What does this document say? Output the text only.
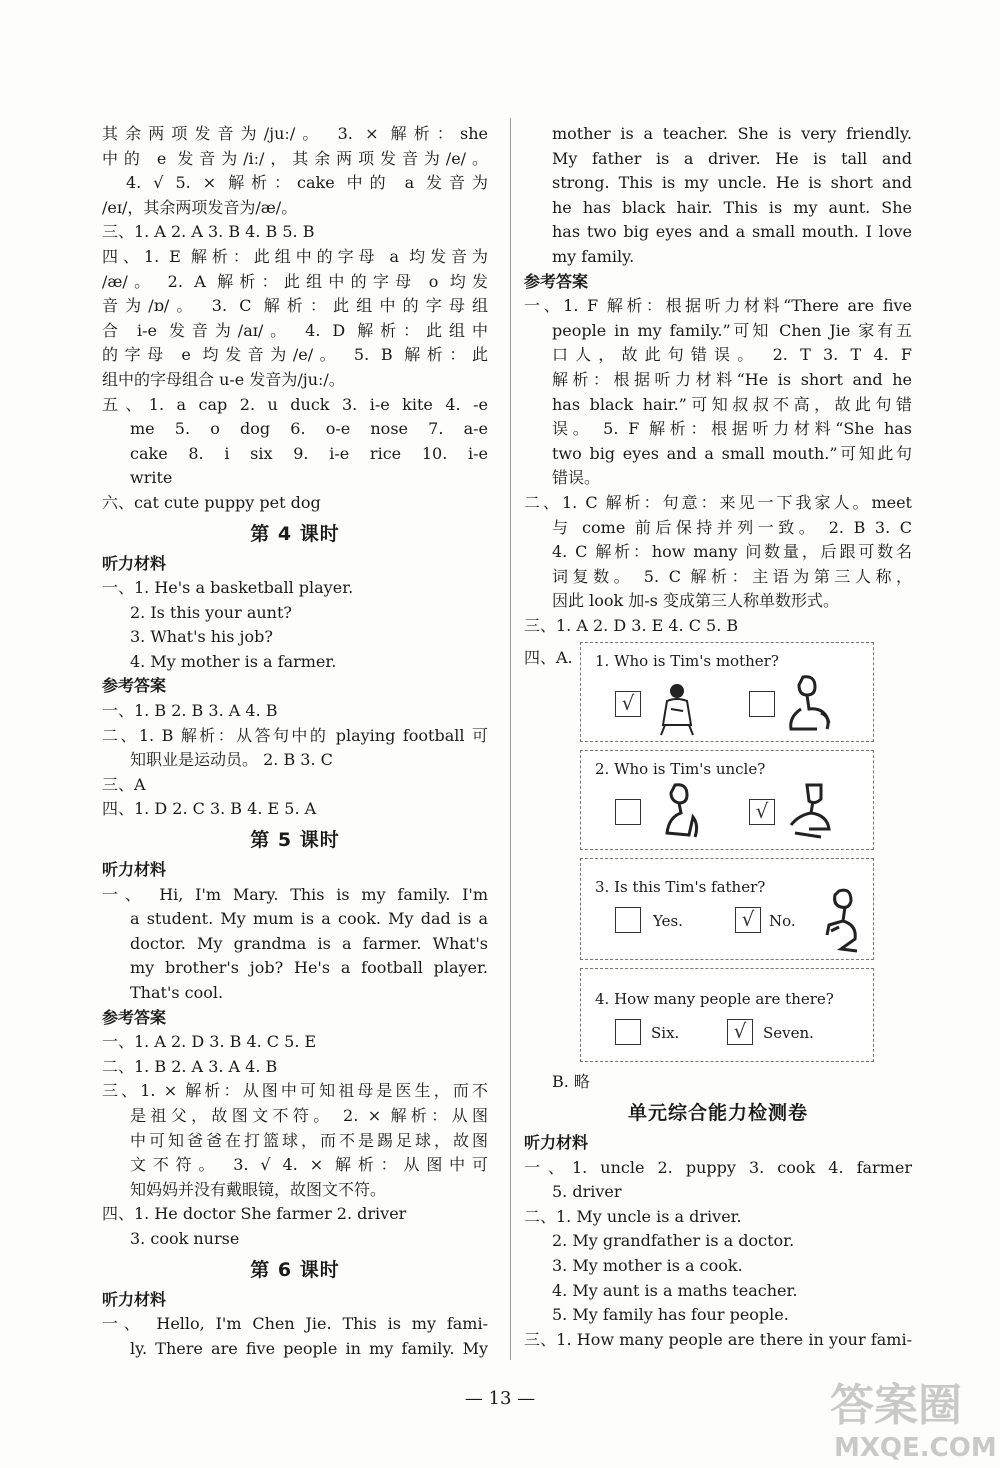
其余两项发音为/juː/。 3. × 解析：she
中的 e 发音为/iː/，其余两项发音为/e/。
4. √ 5. × 解析：cake 中的 a 发音为
/eɪ/，其余两项发音为/æ/。
三、1. A 2. A 3. B 4. B 5. B
四、1. E 解析：此组中的字母 a 均发音为
/æ/。 2. A 解析：此组中的字母 o 均发
音为/ɒ/。 3. C 解析：此组中的字母组
合 i-e 发音为/aɪ/。 4. D 解析：此组中
的字母 e 均发音为/e/。 5. B 解析：此
组中的字母组合 u-e 发音为/juː/。
五、1. a cap 2. u duck 3. i-e kite 4. -e
me 5. o dog 6. o-e nose 7. a-e
cake 8. i six 9. i-e rice 10. i-e
write
六、cat cute puppy pet dog
第 4 课时
听力材料
一、1. He's a basketball player.
2. Is this your aunt?
3. What's his job?
4. My mother is a farmer.
参考答案
一、1. B 2. B 3. A 4. B
二、1. B 解析：从答句中的 playing football 可
知职业是运动员。 2. B 3. C
三、A
四、1. D 2. C 3. B 4. E 5. A
第 5 课时
听力材料
一、 Hi, I'm Mary. This is my family. I'm
a student. My mum is a cook. My dad is a
doctor. My grandma is a farmer. What's
my brother's job? He's a football player.
That's cool.
参考答案
一、1. A 2. D 3. B 4. C 5. E
二、1. B 2. A 3. A 4. B
三、1. × 解析：从图中可知祖母是医生，而不
是祖父，故图文不符。 2. × 解析：从图
中可知爸爸在打篮球，而不是踢足球，故图
文不符。 3. √ 4. × 解析：从图中可
知妈妈并没有戴眼镜，故图文不符。
四、1. He doctor She farmer 2. driver
3. cook nurse
第 6 课时
听力材料
一、 Hello, I'm Chen Jie. This is my fami-
ly. There are five people in my family. My
mother is a teacher. She is very friendly.
My father is a driver. He is tall and
strong. This is my uncle. He is short and
he has black hair. This is my aunt. She
has two big eyes and a small mouth. I love
my family.
参考答案
一、1. F 解析：根据听力材料“There are five
people in my family.”可知 Chen Jie 家有五
口人，故此句错误。 2. T 3. T 4. F
解析：根据听力材料“He is short and he
has black hair.”可知叔叔不高，故此句错
误。 5. F 解析：根据听力材料“She has
two big eyes and a small mouth.”可知此句
错误。
二、1. C 解析：句意：来见一下我家人。meet
与 come 前后保持并列一致。 2. B 3. C
4. C 解析：how many 问数量，后跟可数名
词复数。 5. C 解析：主语为第三人称，
因此 look 加-s 变成第三人称单数形式。
三、1. A 2. D 3. E 4. C 5. B
四、A. 1. Who is Tim's mother?
√
2. Who is Tim's uncle?
√
3. Is this Tim's father?
Yes.	√ No.
4. How many people are there?
Six.	√	Seven.
B. 略
单元综合能力检测卷
听力材料
一、1. uncle 2. puppy 3. cook 4. farmer
5. driver
二、1. My uncle is a driver.
2. My grandfather is a doctor.
3. My mother is a cook.
4. My aunt is a maths teacher.
5. My family has four people.
三、1. How many people are there in your fami-
— 13 —	答案圈
MXQE.COM
